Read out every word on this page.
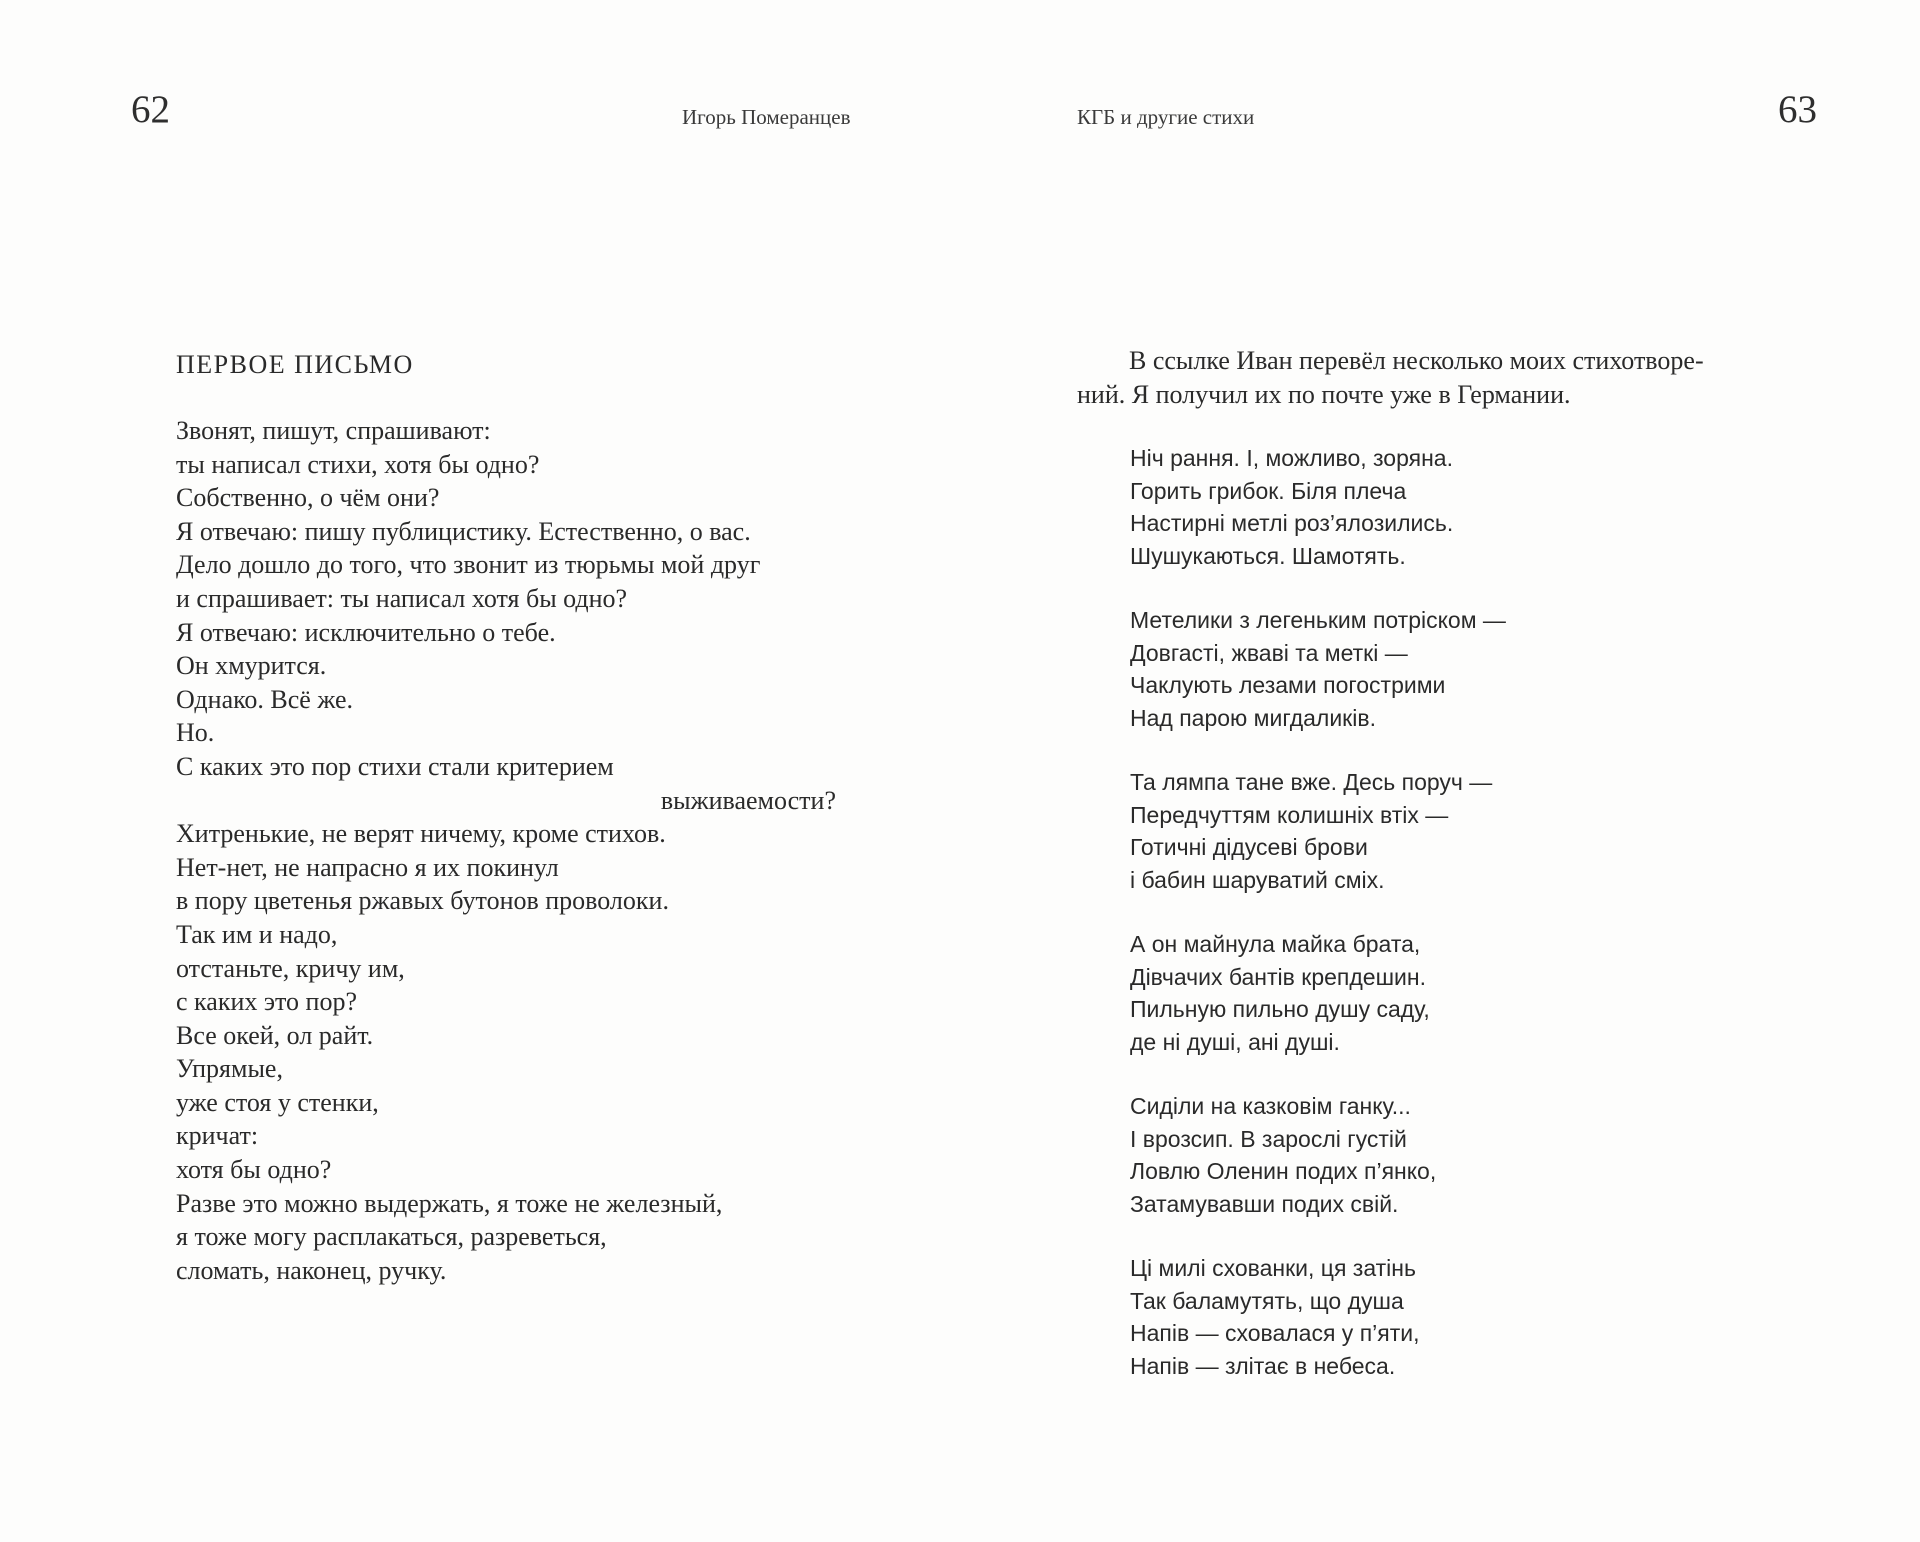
62	Игорь Померанцев	КГБ и другие стихи	63
ПЕРВОЕ ПИСЬМО
Звонят, пишут, спрашивают:
ты написал стихи, хотя бы одно?
Собственно, о чём они?
Я отвечаю: пишу публицистику. Естественно, о вас.
Дело дошло до того, что звонит из тюрьмы мой друг
и спрашивает: ты написал хотя бы одно?
Я отвечаю: исключительно о тебе.
Он хмурится.
Однако. Всё же.
Но.
С каких это пор стихи стали критерием
выживаемости?
Хитренькие, не верят ничему, кроме стихов.
Нет-нет, не напрасно я их покинул
в пору цветенья ржавых бутонов проволоки.
Так им и надо,
отстаньте, кричу им,
с каких это пор?
Все окей, ол райт.
Упрямые,
уже стоя у стенки,
кричат:
хотя бы одно?
Разве это можно выдержать, я тоже не железный,
я тоже могу расплакаться, разреветься,
сломать, наконец, ручку.
В ссылке Иван перевёл несколько моих стихотворе-
ний. Я получил их по почте уже в Германии.
Ніч рання. І, можливо, зоряна.
Горить грибок. Біля плеча
Настирні метлі роз’ялозились.
Шушукаються. Шамотять.
Метелики з легеньким потріском —
Довгасті, жваві та меткі —
Чаклують лезами погострими
Над парою мигдаликів.
Та лямпа тане вже. Десь поруч —
Передчуттям колишніх втіх —
Готичні дідусеві брови
і бабин шаруватий сміх.
А он майнула майка брата,
Дівчачих бантів крепдешин.
Пильную пильно душу саду,
де ні душі, ані душі.
Сиділи на казковім ганку...
І врозсип. В зарослі густій
Ловлю Оленин подих п’янко,
Затамувавши подих свій.
Ці милі схованки, ця затінь
Так баламутять, що душа
Напів — сховалася у п’яти,
Напів — злітає в небеса.
